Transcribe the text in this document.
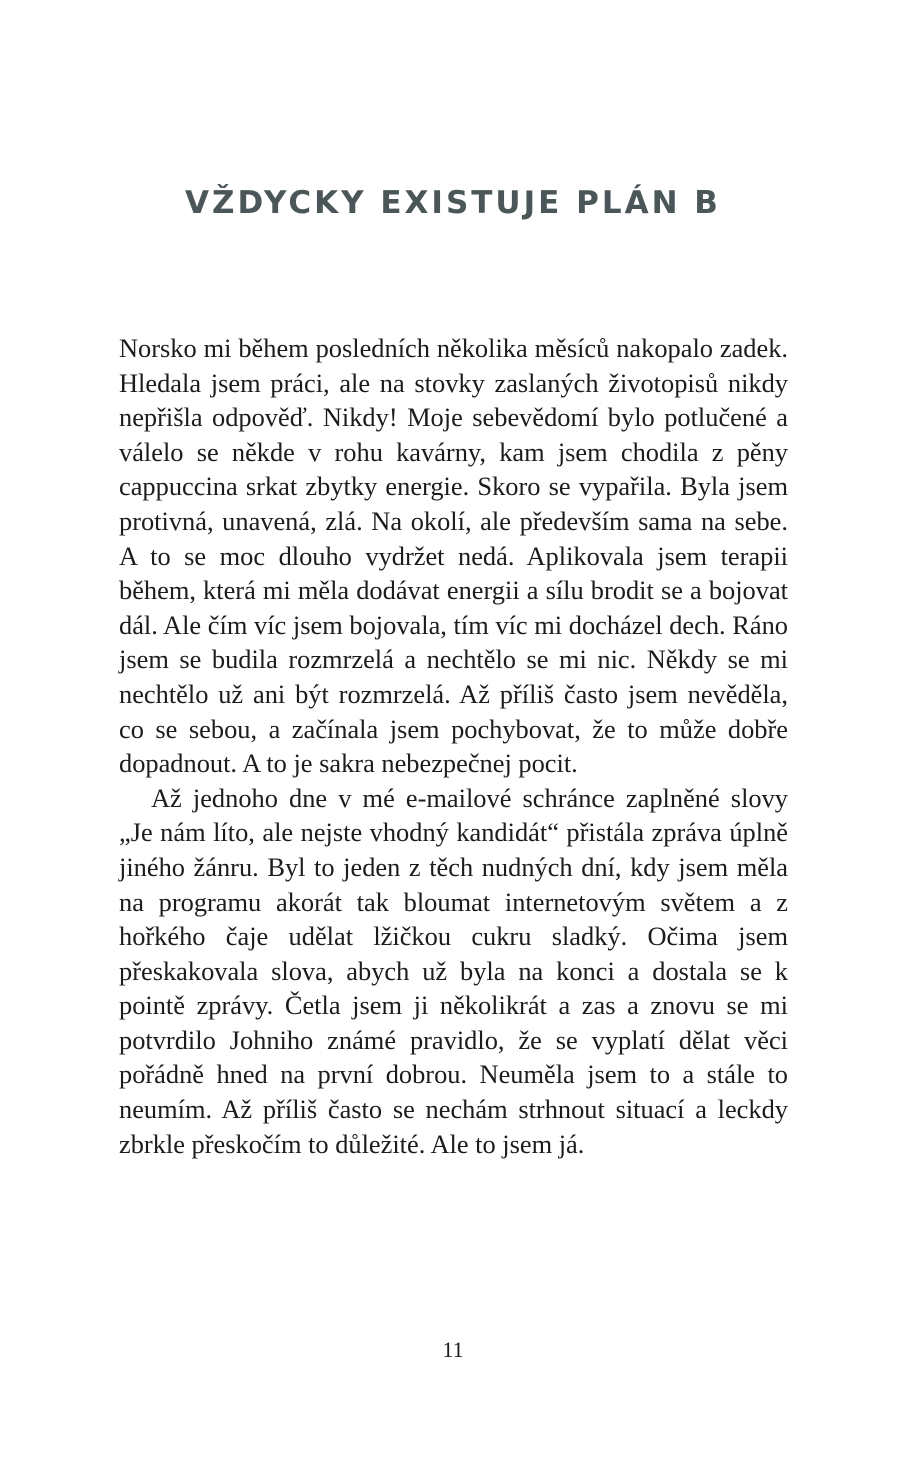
VŽDYCKY EXISTUJE PLÁN B

Norsko mi během posledních několika měsíců nakopalo zadek. Hledala jsem práci, ale na stovky zaslaných životopisů nikdy nepřišla odpověď. Nikdy! Moje sebevědomí bylo potlučené a válelo se někde v rohu kavárny, kam jsem chodila z pěny cappuccina srkat zbytky energie. Skoro se vypařila. Byla jsem protivná, unavená, zlá. Na okolí, ale především sama na sebe. A to se moc dlouho vydržet nedá. Aplikovala jsem terapii během, která mi měla dodávat energii a sílu brodit se a bojovat dál. Ale čím víc jsem bojovala, tím víc mi docházel dech. Ráno jsem se budila rozmrzelá a nechtělo se mi nic. Někdy se mi nechtělo už ani být rozmrzelá. Až příliš často jsem nevěděla, co se sebou, a začínala jsem pochybovat, že to může dobře dopadnout. A to je sakra nebezpečnej pocit.

Až jednoho dne v mé e-mailové schránce zaplněné slovy „Je nám líto, ale nejste vhodný kandidát“ přistála zpráva úplně jiného žánru. Byl to jeden z těch nudných dní, kdy jsem měla na programu akorát tak bloumat internetovým světem a z hořkého čaje udělat lžičkou cukru sladký. Očima jsem přeskakovala slova, abych už byla na konci a dostala se k pointě zprávy. Četla jsem ji několikrát a zas a znovu se mi potvrdilo Johniho známé pravidlo, že se vyplatí dělat věci pořádně hned na první dobrou. Neuměla jsem to a stále to neumím. Až příliš často se nechám strhnout situací a leckdy zbrkle přeskočím to důležité. Ale to jsem já.

11
